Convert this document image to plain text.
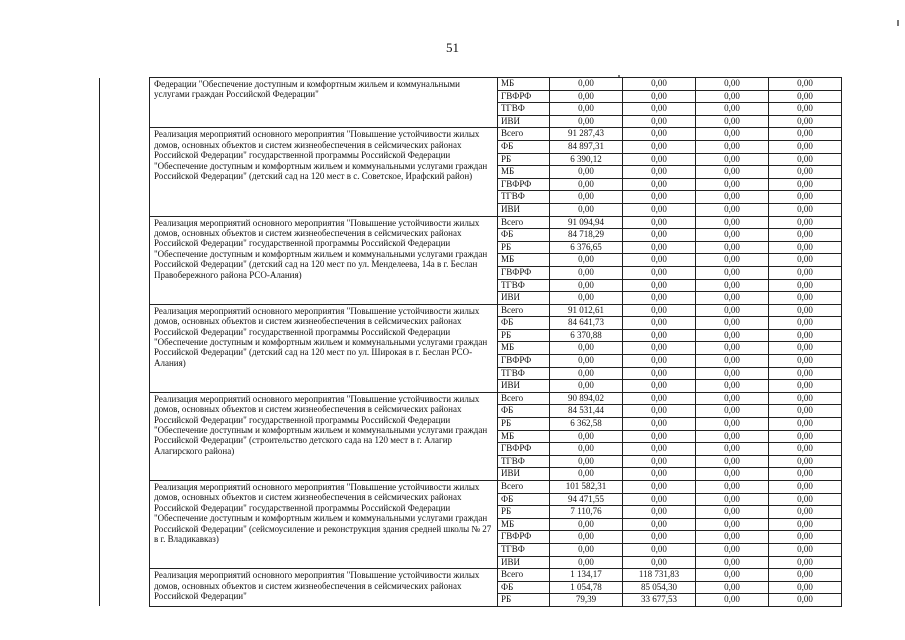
51
	Федерации "Обеспечение доступным и комфортным жильем и коммунальными услугами граждан Российской Федерации"	МБ	0,00	0,00	0,00	0,00
		ГВФРФ	0,00	0,00	0,00	0,00
		ТГВФ	0,00	0,00	0,00	0,00
		ИВИ	0,00	0,00	0,00	0,00
	Реализация мероприятий основного мероприятия "Повышение устойчивости жилых домов, основных объектов и систем жизнеобеспечения в сейсмических районах Российской Федерации" государственной программы Российской Федерации "Обеспечение доступным и комфортным жильем и коммунальными услугами граждан Российской Федерации" (детский сад на 120 мест в с. Советское, Ирафский район)	Всего	91 287,43	0,00	0,00	0,00
		ФБ	84 897,31	0,00	0,00	0,00
		РБ	6 390,12	0,00	0,00	0,00
		МБ	0,00	0,00	0,00	0,00
		ГВФРФ	0,00	0,00	0,00	0,00
		ТГВФ	0,00	0,00	0,00	0,00
		ИВИ	0,00	0,00	0,00	0,00
	Реализация мероприятий основного мероприятия "Повышение устойчивости жилых домов, основных объектов и систем жизнеобеспечения в сейсмических районах Российской Федерации" государственной программы Российской Федерации "Обеспечение доступным и комфортным жильем и коммунальными услугами граждан Российской Федерации" (детский сад на 120 мест по ул. Менделеева, 14а в г. Беслан Правобережного района РСО-Алания)	Всего	91 094,94	0,00	0,00	0,00
		ФБ	84 718,29	0,00	0,00	0,00
		РБ	6 376,65	0,00	0,00	0,00
		МБ	0,00	0,00	0,00	0,00
		ГВФРФ	0,00	0,00	0,00	0,00
		ТГВФ	0,00	0,00	0,00	0,00
		ИВИ	0,00	0,00	0,00	0,00
	Реализация мероприятий основного мероприятия "Повышение устойчивости жилых домов, основных объектов и систем жизнеобеспечения в сейсмических районах Российской Федерации" государственной программы Российской Федерации "Обеспечение доступным и комфортным жильем и коммунальными услугами граждан Российской Федерации" (детский сад на 120 мест по ул. Широкая в г. Беслан РСО-Алания)	Всего	91 012,61	0,00	0,00	0,00
		ФБ	84 641,73	0,00	0,00	0,00
		РБ	6 370,88	0,00	0,00	0,00
		МБ	0,00	0,00	0,00	0,00
		ГВФРФ	0,00	0,00	0,00	0,00
		ТГВФ	0,00	0,00	0,00	0,00
		ИВИ	0,00	0,00	0,00	0,00
	Реализация мероприятий основного мероприятия "Повышение устойчивости жилых домов, основных объектов и систем жизнеобеспечения в сейсмических районах Российской Федерации" государственной программы Российской Федерации "Обеспечение доступным и комфортным жильем и коммунальными услугами граждан Российской Федерации" (строительство детского сада на 120 мест в г. Алагир Алагирского района)	Всего	90 894,02	0,00	0,00	0,00
		ФБ	84 531,44	0,00	0,00	0,00
		РБ	6 362,58	0,00	0,00	0,00
		МБ	0,00	0,00	0,00	0,00
		ГВФРФ	0,00	0,00	0,00	0,00
		ТГВФ	0,00	0,00	0,00	0,00
		ИВИ	0,00	0,00	0,00	0,00
	Реализация мероприятий основного мероприятия "Повышение устойчивости жилых домов, основных объектов и систем жизнеобеспечения в сейсмических районах Российской Федерации" государственной программы Российской Федерации "Обеспечение доступным и комфортным жильем и коммунальными услугами граждан Российской Федерации" (сейсмоусиление и реконструкция здания средней школы № 27 в г. Владикавказ)	Всего	101 582,31	0,00	0,00	0,00
		ФБ	94 471,55	0,00	0,00	0,00
		РБ	7 110,76	0,00	0,00	0,00
		МБ	0,00	0,00	0,00	0,00
		ГВФРФ	0,00	0,00	0,00	0,00
		ТГВФ	0,00	0,00	0,00	0,00
		ИВИ	0,00	0,00	0,00	0,00
	Реализация мероприятий основного мероприятия "Повышение устойчивости жилых домов, основных объектов и систем жизнеобеспечения в сейсмических районах Российской Федерации"	Всего	1 134,17	118 731,83	0,00	0,00
		ФБ	1 054,78	85 054,30	0,00	0,00
		РБ	79,39	33 677,53	0,00	0,00
